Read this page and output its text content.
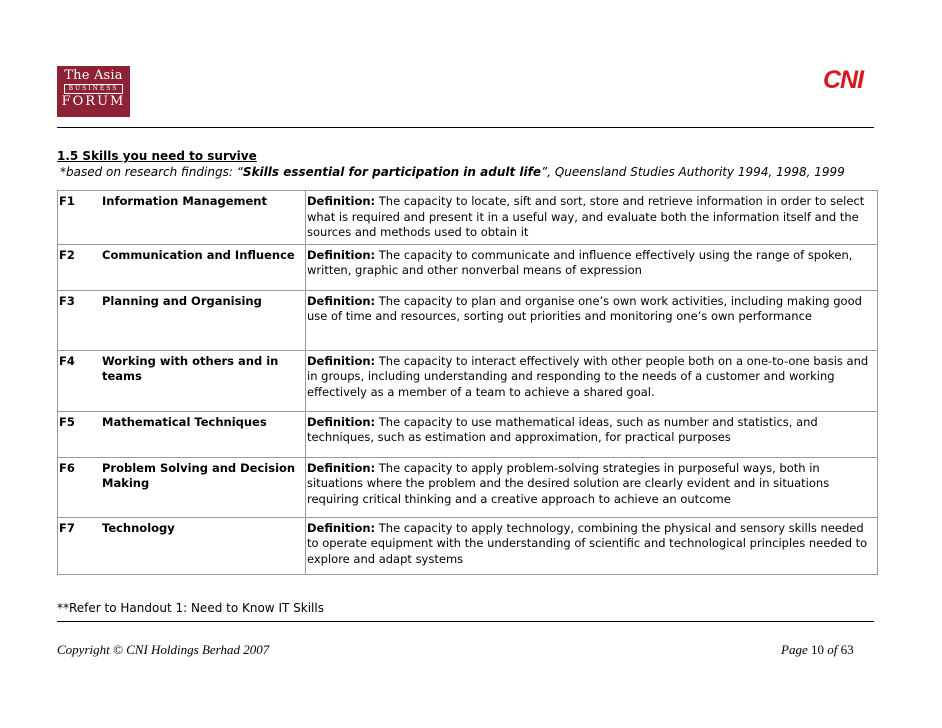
The Asia
BUSINESS
FORUM
CNI
1.5 Skills you need to survive
*based on research findings: “Skills essential for participation in adult life”, Queensland Studies Authority 1994, 1998, 1999
F1	Information Management	Definition: The capacity to locate, sift and sort, store and retrieve information in order to select what is required and present it in a useful way, and evaluate both the information itself and the sources and methods used to obtain it
F2	Communication and Influence	Definition: The capacity to communicate and influence effectively using the range of spoken, written, graphic and other nonverbal means of expression
F3	Planning and Organising	Definition: The capacity to plan and organise one’s own work activities, including making good use of time and resources, sorting out priorities and monitoring one’s own performance
F4	Working with others and in teams	Definition: The capacity to interact effectively with other people both on a one-to-one basis and in groups, including understanding and responding to the needs of a customer and working effectively as a member of a team to achieve a shared goal.
F5	Mathematical Techniques	Definition: The capacity to use mathematical ideas, such as number and statistics, and techniques, such as estimation and approximation, for practical purposes
F6	Problem Solving and Decision Making	Definition: The capacity to apply problem-solving strategies in purposeful ways, both in situations where the problem and the desired solution are clearly evident and in situations requiring critical thinking and a creative approach to achieve an outcome
F7	Technology	Definition: The capacity to apply technology, combining the physical and sensory skills needed to operate equipment with the understanding of scientific and technological principles needed to explore and adapt systems
**Refer to Handout 1: Need to Know IT Skills
Copyright © CNI Holdings Berhad 2007	Page 10 of 63
